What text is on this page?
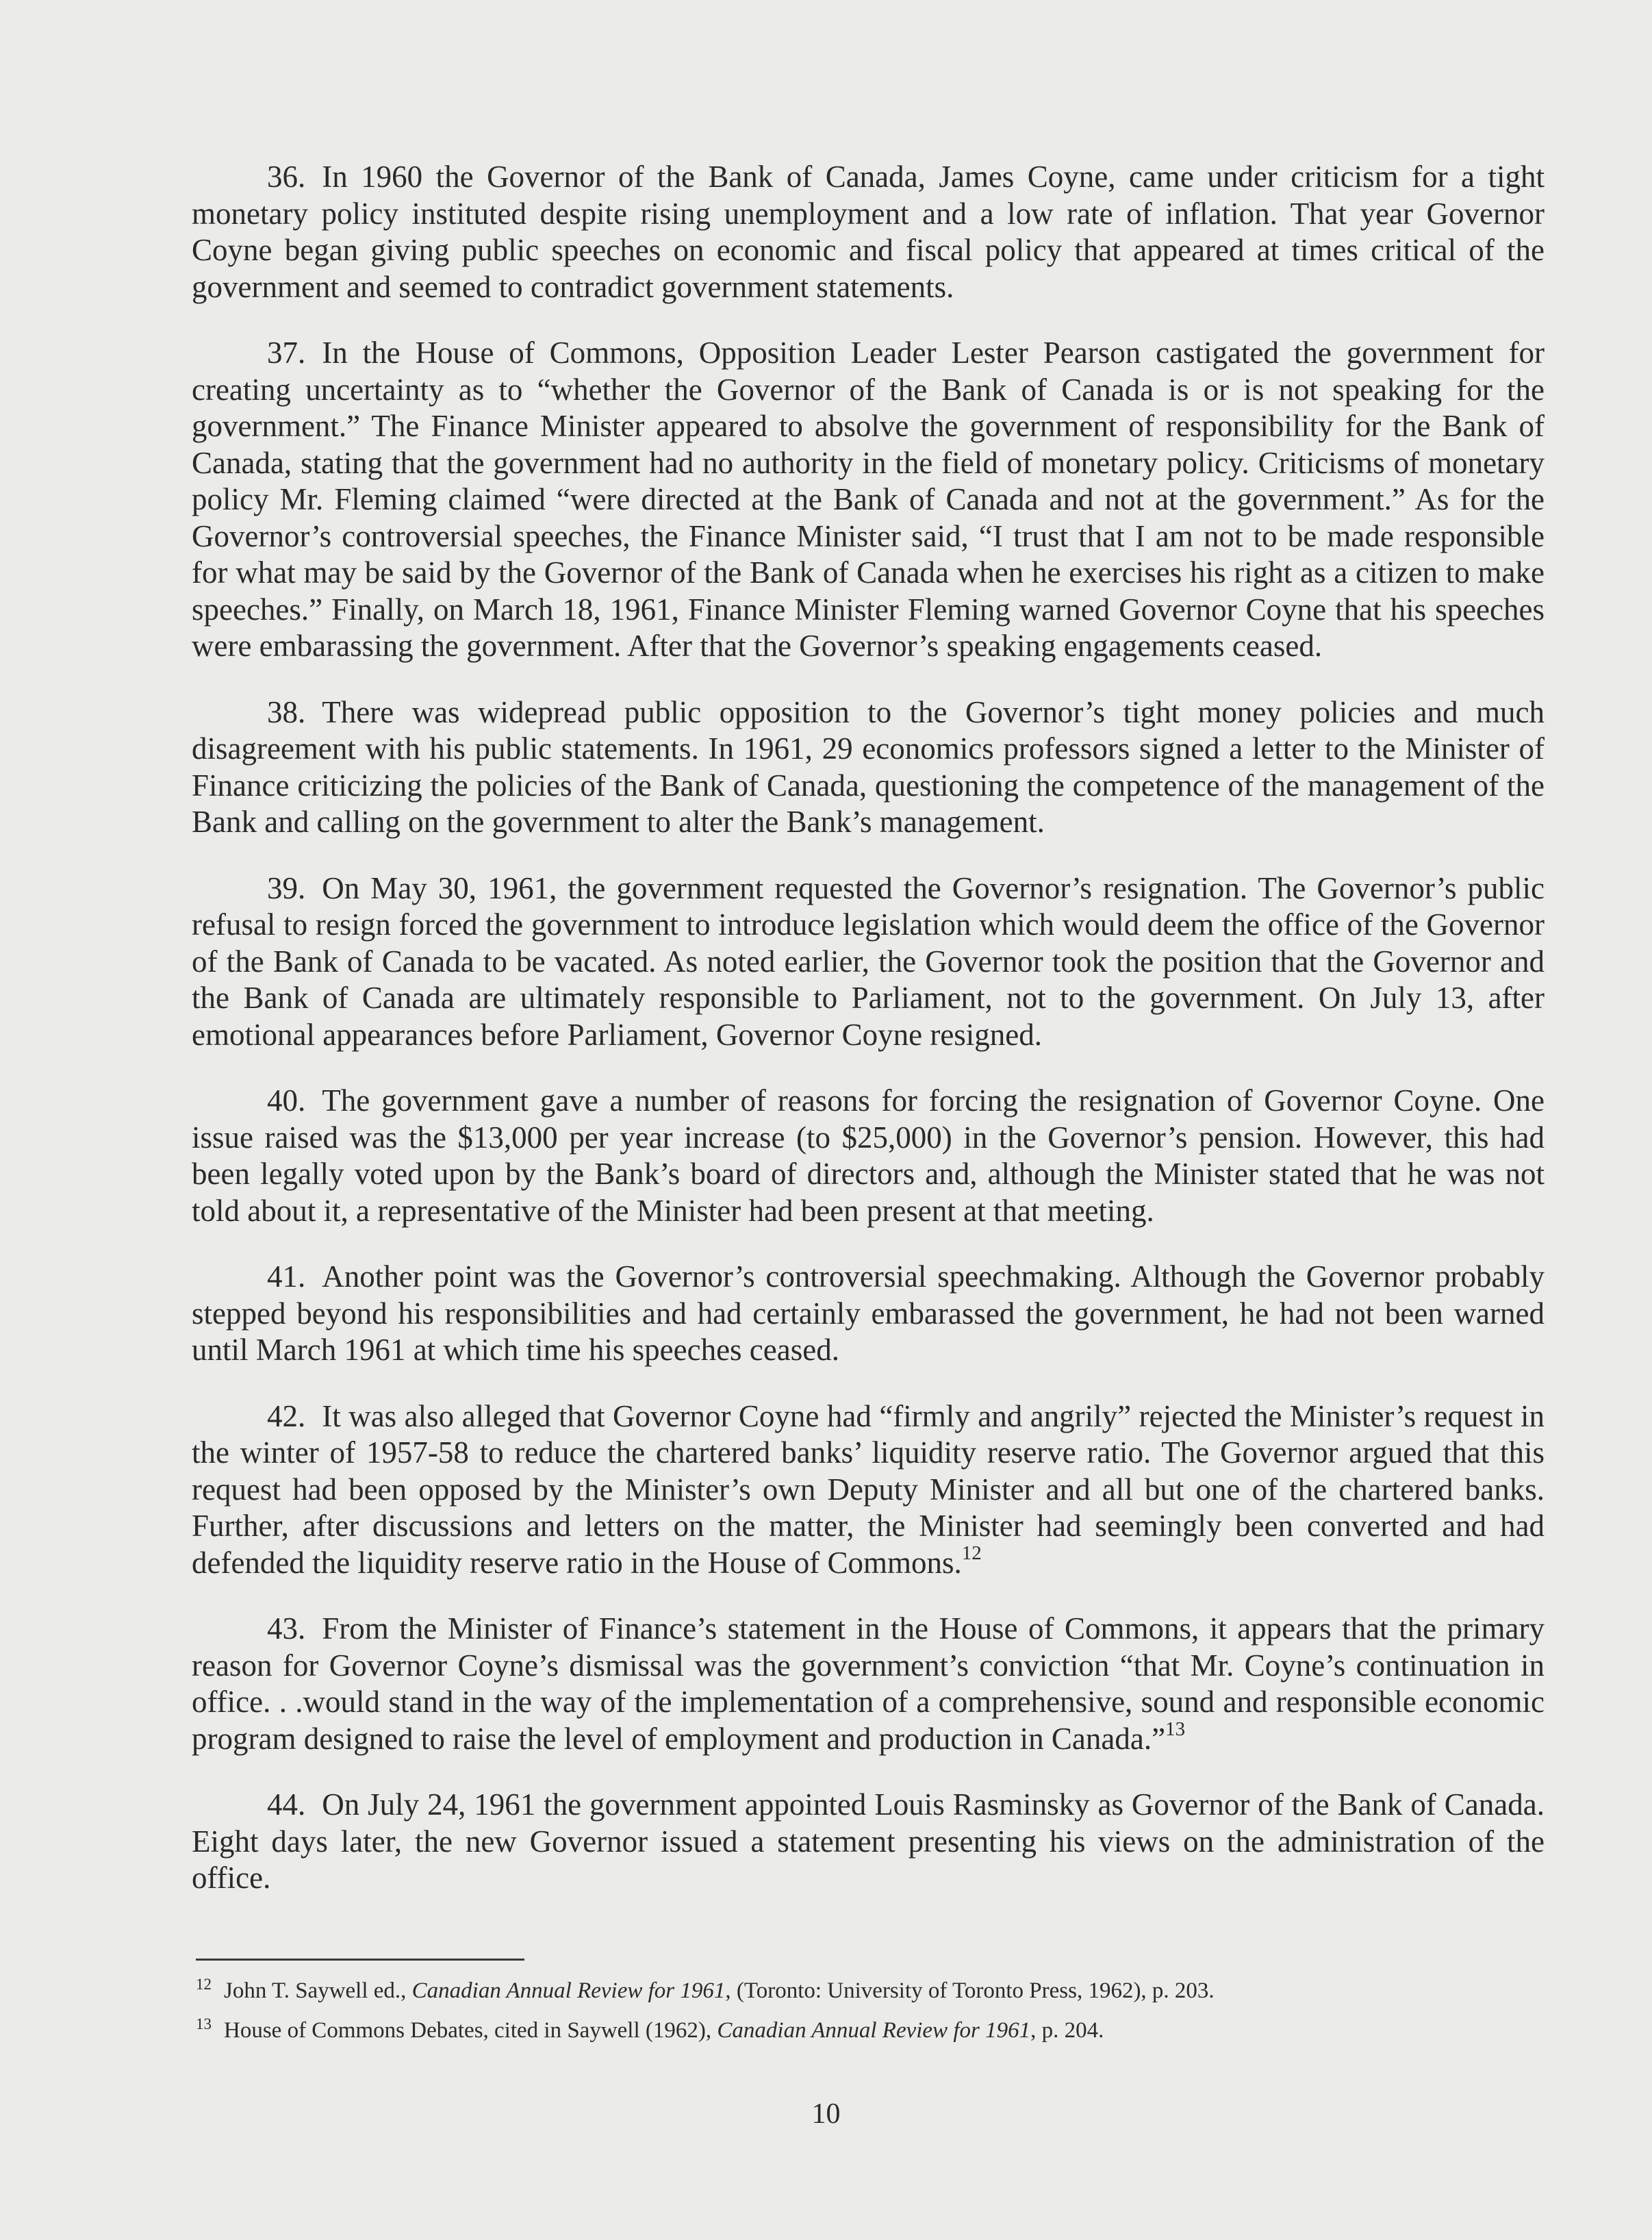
36. In 1960 the Governor of the Bank of Canada, James Coyne, came under criticism for a tight monetary policy instituted despite rising unemployment and a low rate of inflation. That year Governor Coyne began giving public speeches on economic and fiscal policy that appeared at times critical of the government and seemed to contradict government statements.

37. In the House of Commons, Opposition Leader Lester Pearson castigated the government for creating uncertainty as to “whether the Governor of the Bank of Canada is or is not speaking for the government.” The Finance Minister appeared to absolve the government of responsibility for the Bank of Canada, stating that the government had no authority in the field of monetary policy. Criticisms of monetary policy Mr. Fleming claimed “were directed at the Bank of Canada and not at the government.” As for the Governor’s controversial speeches, the Finance Minister said, “I trust that I am not to be made responsible for what may be said by the Governor of the Bank of Canada when he exercises his right as a citizen to make speeches.” Finally, on March 18, 1961, Finance Minister Fleming warned Governor Coyne that his speeches were embarassing the government. After that the Governor’s speaking engagements ceased.

38. There was widepread public opposition to the Governor’s tight money policies and much disagreement with his public statements. In 1961, 29 economics professors signed a letter to the Minister of Finance criticizing the policies of the Bank of Canada, questioning the competence of the management of the Bank and calling on the government to alter the Bank’s management.

39. On May 30, 1961, the government requested the Governor’s resignation. The Governor’s public refusal to resign forced the government to introduce legislation which would deem the office of the Governor of the Bank of Canada to be vacated. As noted earlier, the Governor took the position that the Governor and the Bank of Canada are ultimately responsible to Parliament, not to the government. On July 13, after emotional appearances before Parliament, Governor Coyne resigned.

40. The government gave a number of reasons for forcing the resignation of Governor Coyne. One issue raised was the $13,000 per year increase (to $25,000) in the Governor’s pension. However, this had been legally voted upon by the Bank’s board of directors and, although the Minister stated that he was not told about it, a representative of the Minister had been present at that meeting.

41. Another point was the Governor’s controversial speechmaking. Although the Governor probably stepped beyond his responsibilities and had certainly embarassed the government, he had not been warned until March 1961 at which time his speeches ceased.

42. It was also alleged that Governor Coyne had “firmly and angrily” rejected the Minister’s request in the winter of 1957-58 to reduce the chartered banks’ liquidity reserve ratio. The Governor argued that this request had been opposed by the Minister’s own Deputy Minister and all but one of the chartered banks. Further, after discussions and letters on the matter, the Minister had seemingly been converted and had defended the liquidity reserve ratio in the House of Commons.$^{12}$

43. From the Minister of Finance’s statement in the House of Commons, it appears that the primary reason for Governor Coyne’s dismissal was the government’s conviction “that Mr. Coyne’s continuation in office. . .would stand in the way of the implementation of a comprehensive, sound and responsible economic program designed to raise the level of employment and production in Canada.”$^{13}$

44. On July 24, 1961 the government appointed Louis Rasminsky as Governor of the Bank of Canada. Eight days later, the new Governor issued a statement presenting his views on the administration of the office.

$^{12}$ John T. Saywell ed., Canadian Annual Review for 1961, (Toronto: University of Toronto Press, 1962), p. 203.

$^{13}$ House of Commons Debates, cited in Saywell (1962), Canadian Annual Review for 1961, p. 204.

10
